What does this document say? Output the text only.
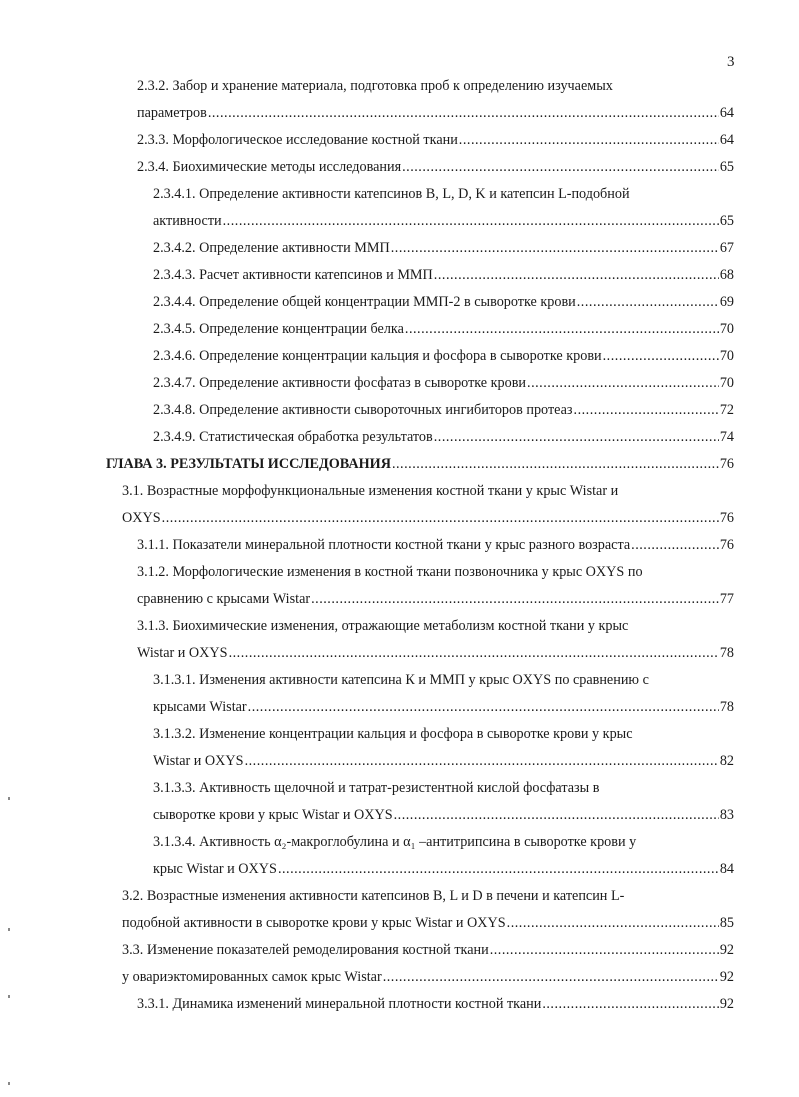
3
2.3.2. Забор и хранение материала, подготовка проб к определению изучаемых
параметров .....	64
2.3.3. Морфологическое исследование костной ткани .....	64
2.3.4. Биохимические методы исследования .....	65
2.3.4.1. Определение активности катепсинов B, L, D, K и катепсин L-подобной
активности .....	65
2.3.4.2. Определение активности ММП .....	67
2.3.4.3. Расчет активности катепсинов и ММП .....	68
2.3.4.4. Определение общей концентрации ММП-2 в сыворотке крови .....	69
2.3.4.5. Определение концентрации белка .....	70
2.3.4.6. Определение концентрации кальция и фосфора в сыворотке крови .....	70
2.3.4.7. Определение активности фосфатаз в сыворотке крови .....	70
2.3.4.8. Определение активности сывороточных ингибиторов протеаз .....	72
2.3.4.9. Статистическая обработка результатов .....	74
ГЛАВА 3. РЕЗУЛЬТАТЫ ИССЛЕДОВАНИЯ .....	76
3.1. Возрастные морфофункциональные изменения костной ткани у крыс Wistar и
OXYS .....	76
3.1.1. Показатели минеральной плотности костной ткани у крыс разного возраста .....	76
3.1.2. Морфологические изменения в костной ткани позвоночника у крыс OXYS по
сравнению с крысами Wistar .....	77
3.1.3. Биохимические изменения, отражающие метаболизм костной ткани у крыс
Wistar и OXYS .....	78
3.1.3.1. Изменения активности катепсина К и ММП у крыс OXYS по сравнению с
крысами Wistar .....	78
3.1.3.2. Изменение концентрации кальция и фосфора в сыворотке крови у крыс
Wistar и OXYS .....	82
3.1.3.3. Активность щелочной и татрат-резистентной кислой фосфатазы в
сыворотке крови у крыс Wistar и OXYS .....	83
3.1.3.4. Активность α₂-макроглобулина и α₁ –антитрипсина в сыворотке крови у
крыс Wistar и OXYS .....	84
3.2. Возрастные изменения активности катепсинов B, L и D в печени и катепсин L-
подобной активности в сыворотке крови у крыс Wistar и OXYS .....	85
3.3. Изменение показателей ремоделирования костной ткани .....	92
у овариэктомированных самок крыс Wistar .....	92
3.3.1. Динамика изменений минеральной плотности костной ткани .....	92
